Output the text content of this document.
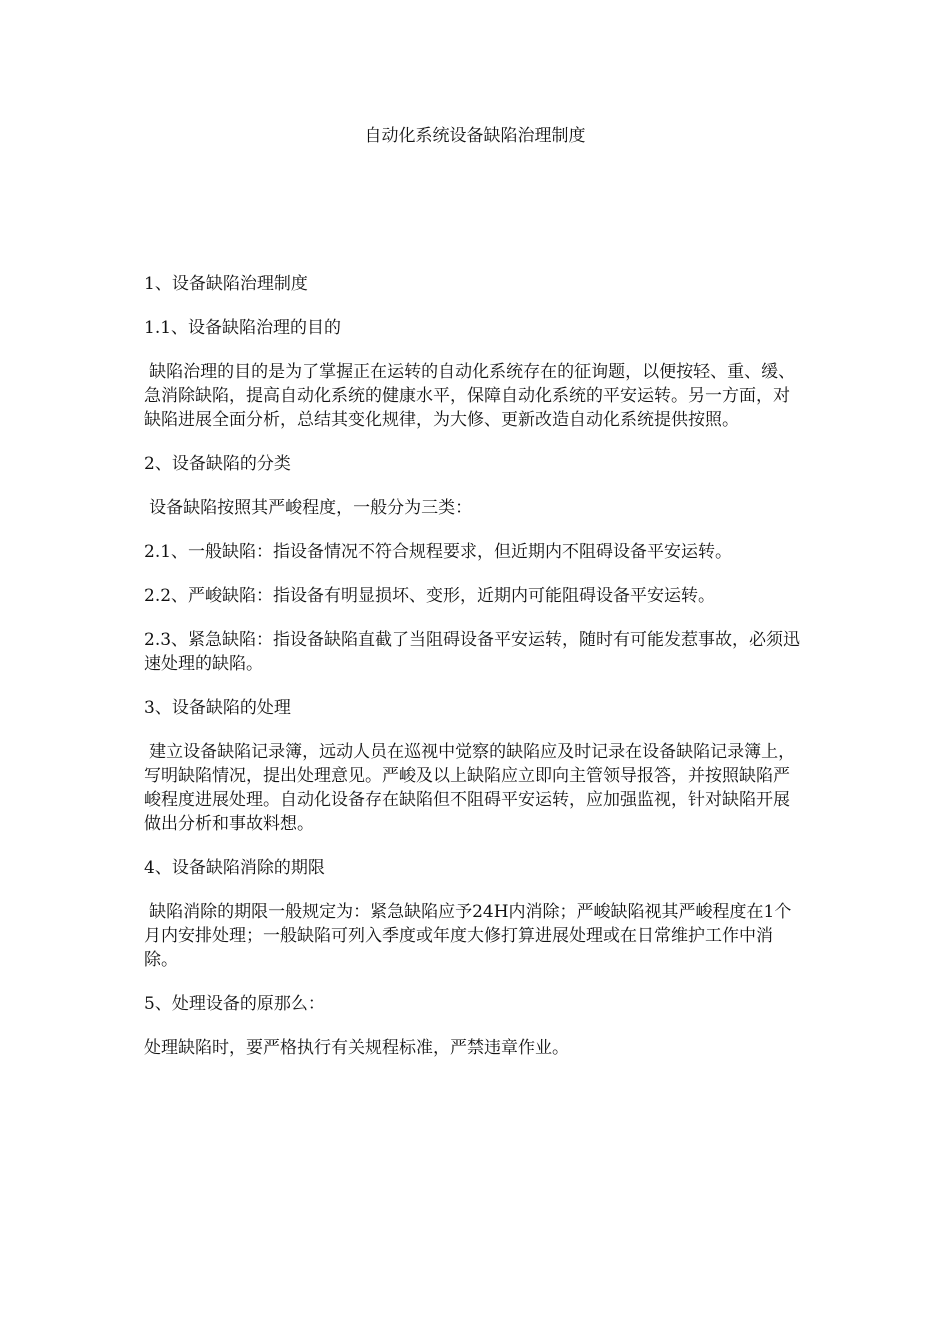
自动化系统设备缺陷治理制度

1、设备缺陷治理制度

1.1、设备缺陷治理的目的

缺陷治理的目的是为了掌握正在运转的自动化系统存在的征询题，以便按轻、重、缓、急消除缺陷，提高自动化系统的健康水平，保障自动化系统的平安运转。另一方面，对缺陷进展全面分析，总结其变化规律，为大修、更新改造自动化系统提供按照。

2、设备缺陷的分类

设备缺陷按照其严峻程度，一般分为三类：

2.1、一般缺陷：指设备情况不符合规程要求，但近期内不阻碍设备平安运转。

2.2、严峻缺陷：指设备有明显损坏、变形，近期内可能阻碍设备平安运转。

2.3、紧急缺陷：指设备缺陷直截了当阻碍设备平安运转，随时有可能发惹事故，必须迅速处理的缺陷。

3、设备缺陷的处理

建立设备缺陷记录簿，远动人员在巡视中觉察的缺陷应及时记录在设备缺陷记录簿上，写明缺陷情况，提出处理意见。严峻及以上缺陷应立即向主管领导报答，并按照缺陷严峻程度进展处理。自动化设备存在缺陷但不阻碍平安运转，应加强监视，针对缺陷开展做出分析和事故料想。

4、设备缺陷消除的期限

缺陷消除的期限一般规定为：紧急缺陷应予24H内消除；严峻缺陷视其严峻程度在1个月内安排处理；一般缺陷可列入季度或年度大修打算进展处理或在日常维护工作中消除。

5、处理设备的原那么：

处理缺陷时，要严格执行有关规程标准，严禁违章作业。
